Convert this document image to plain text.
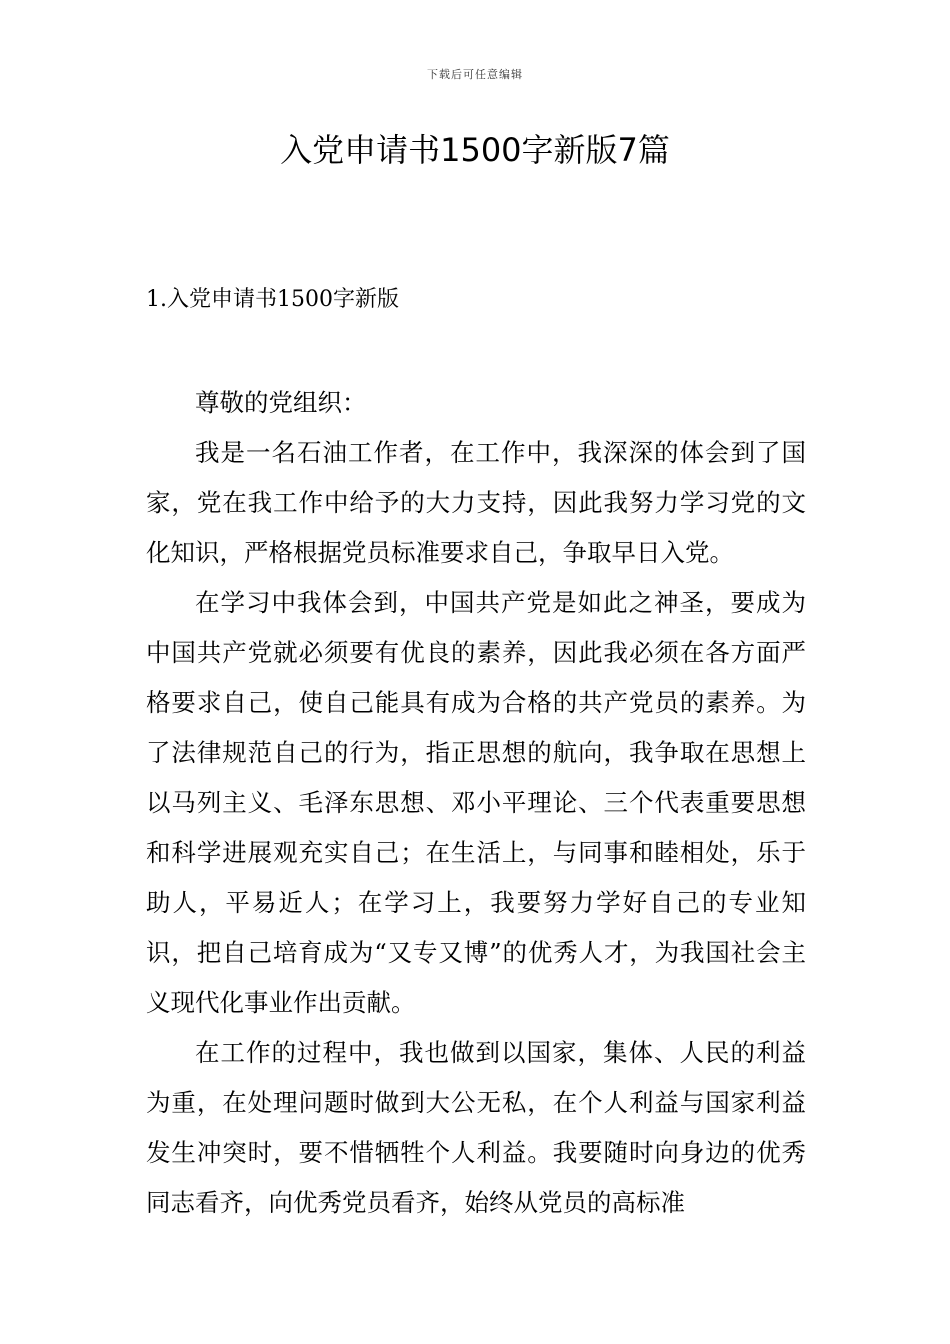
下载后可任意编辑
入党申请书1500字新版7篇
1.入党申请书1500字新版

尊敬的党组织：

我是一名石油工作者，在工作中，我深深的体会到了国家，党在我工作中给予的大力支持，因此我努力学习党的文化知识，严格根据党员标准要求自己，争取早日入党。

在学习中我体会到，中国共产党是如此之神圣，要成为中国共产党就必须要有优良的素养，因此我必须在各方面严格要求自己，使自己能具有成为合格的共产党员的素养。为了法律规范自己的行为，指正思想的航向，我争取在思想上以马列主义、毛泽东思想、邓小平理论、三个代表重要思想和科学进展观充实自己；在生活上，与同事和睦相处，乐于助人，平易近人；在学习上，我要努力学好自己的专业知识，把自己培育成为“又专又博”的优秀人才，为我国社会主义现代化事业作出贡献。

在工作的过程中，我也做到以国家，集体、人民的利益为重，在处理问题时做到大公无私，在个人利益与国家利益发生冲突时，要不惜牺牲个人利益。我要随时向身边的优秀同志看齐，向优秀党员看齐，始终从党员的高标准
